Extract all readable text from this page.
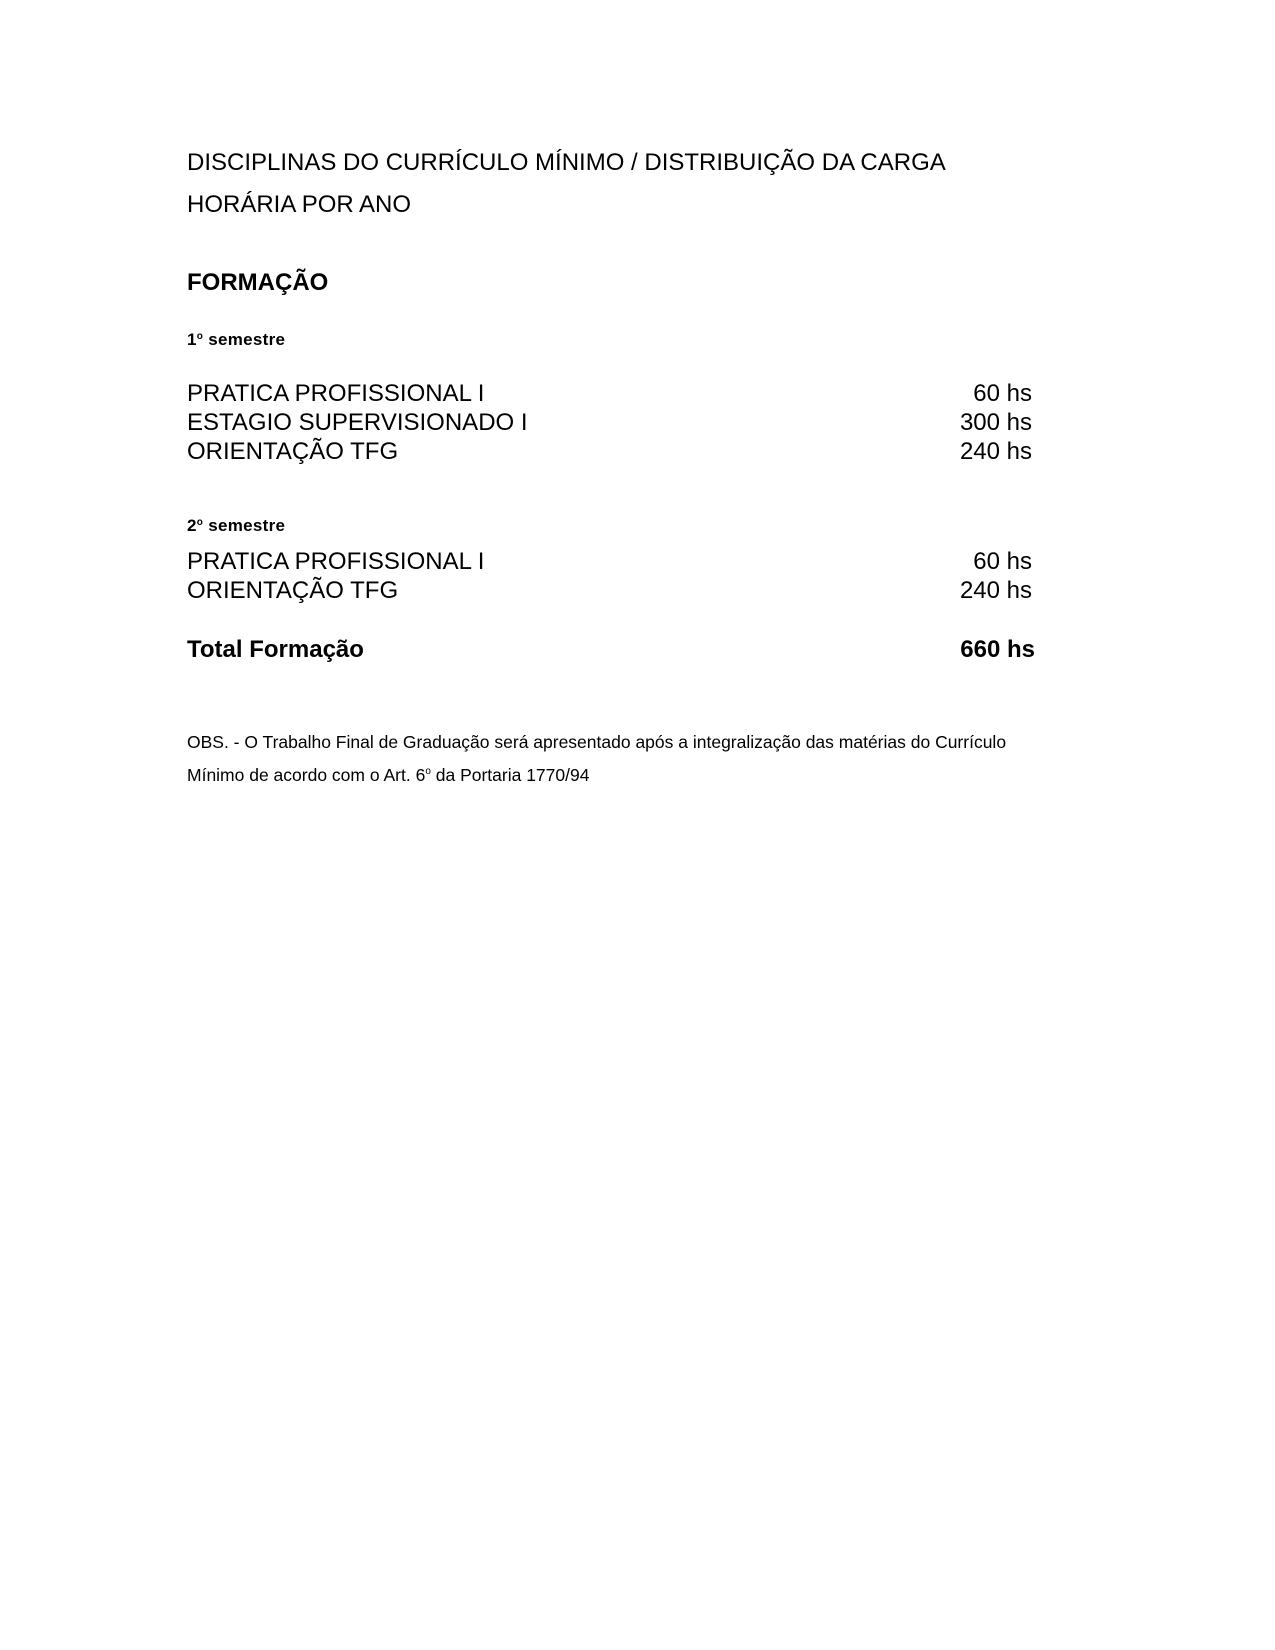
DISCIPLINAS DO CURRÍCULO MÍNIMO / DISTRIBUIÇÃO DA CARGA
HORÁRIA POR ANO
FORMAÇÃO
1$^o$ semestre
PRATICA PROFISSIONAL I	60 hs
ESTAGIO SUPERVISIONADO I	300 hs
ORIENTAÇÃO TFG	240 hs
2$^o$ semestre
PRATICA PROFISSIONAL I	60 hs
ORIENTAÇÃO TFG	240 hs
Total Formação	660 hs
OBS. - O Trabalho Final de Graduação será apresentado após a integralização das matérias do Currículo
Mínimo de acordo com o Art. 6$^o$ da Portaria 1770/94
